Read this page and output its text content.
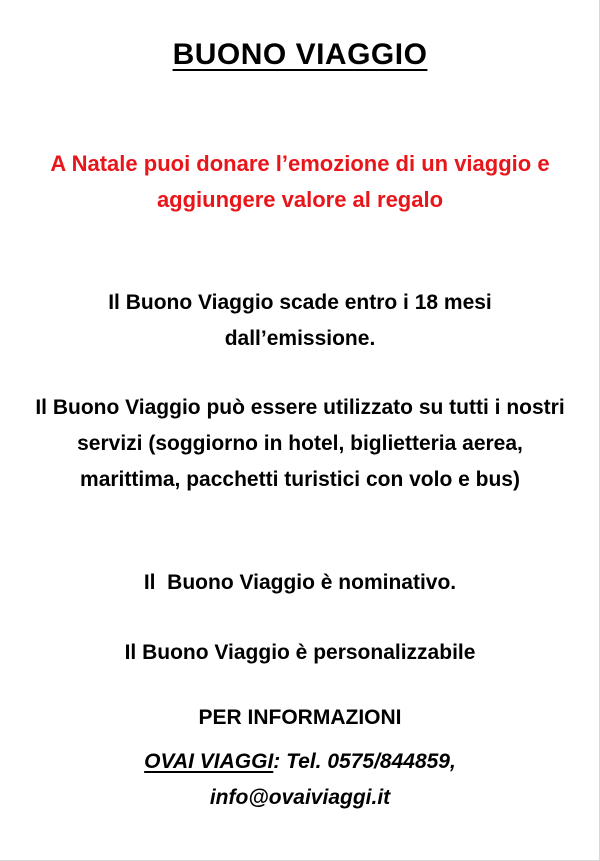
BUONO VIAGGIO
A Natale puoi donare l’emozione di un viaggio e aggiungere valore al regalo
Il Buono Viaggio scade entro i 18 mesi dall’emissione.
Il Buono Viaggio può essere utilizzato su tutti i nostri servizi (soggiorno in hotel, biglietteria aerea, marittima, pacchetti turistici con volo e bus)
Il  Buono Viaggio è nominativo.
Il Buono Viaggio è personalizzabile
PER INFORMAZIONI
OVAI VIAGGI: Tel. 0575/844859,
info@ovaiviaggi.it
